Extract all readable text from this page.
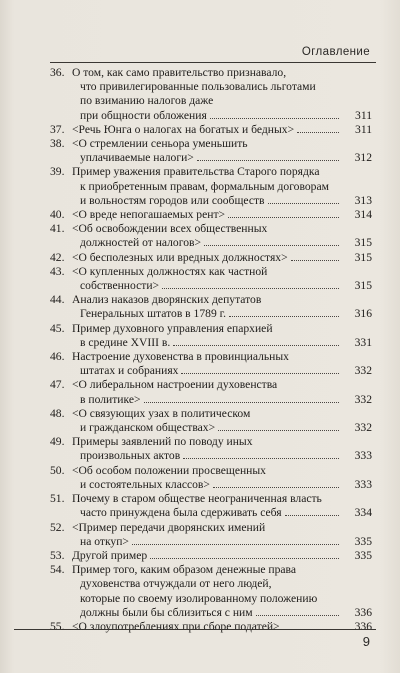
Оглавление
36. О том, как само правительство признавало,
что привилегированные пользовались льготами
по взиманию налогов даже
при общности обложения	311
37. <Речь Юнга о налогах на богатых и бедных>	311
38. <О стремлении сеньора уменьшить
уплачиваемые налоги>	312
39. Пример уважения правительства Старого порядка
к приобретенным правам, формальным договорам
и вольностям городов или сообществ	313
40. <О вреде непогашаемых рент>	314
41. <Об освобождении всех общественных
должностей от налогов>	315
42. <О бесполезных или вредных должностях>	315
43. <О купленных должностях как частной
собственности>	315
44. Анализ наказов дворянских депутатов
Генеральных штатов в 1789 г.	316
45. Пример духовного управления епархией
в средине XVIII в.	331
46. Настроение духовенства в провинциальных
штатах и собраниях	332
47. <О либеральном настроении духовенства
в политике>	332
48. <О связующих узах в политическом
и гражданском обществах>	332
49. Примеры заявлений по поводу иных
произвольных актов	333
50. <Об особом положении просвещенных
и состоятельных классов>	333
51. Почему в старом обществе неограниченная власть
часто принуждена была сдерживать себя	334
52. <Пример передачи дворянских имений
на откуп>	335
53. Другой пример	335
54. Пример того, каким образом денежные права
духовенства отчуждали от него людей,
которые по своему изолированному положению
должны были бы сблизиться с ним	336
55. <О злоупотреблениях при сборе податей>	336
9
